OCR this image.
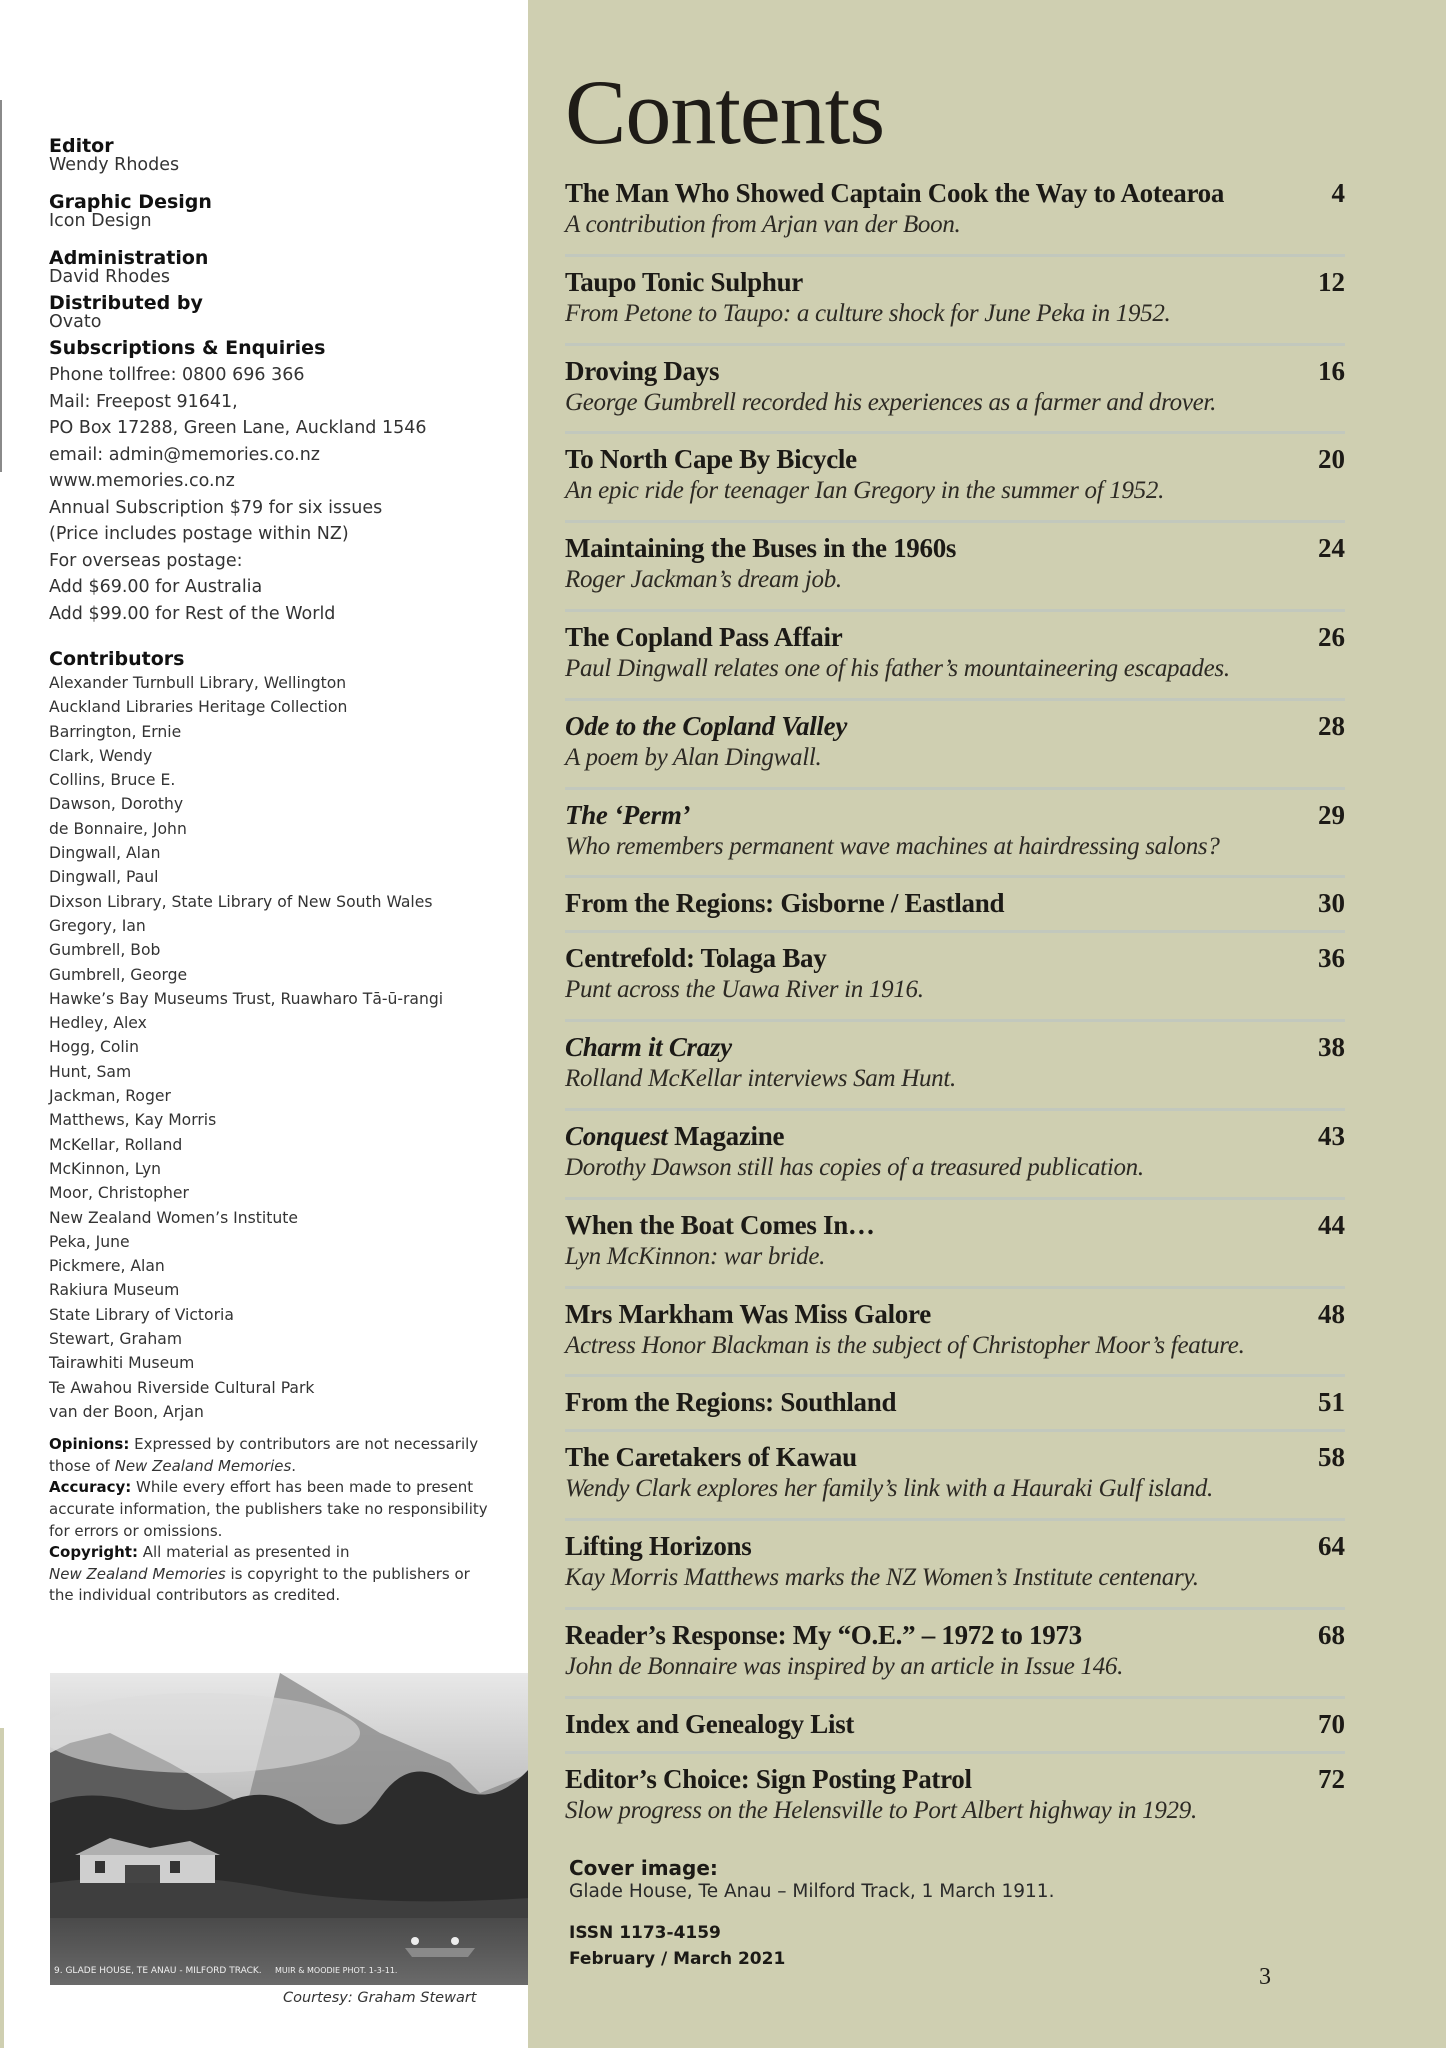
Editor
Wendy Rhodes
Graphic Design
Icon Design
Administration
David Rhodes
Distributed by
Ovato
Subscriptions & Enquiries
Phone tollfree: 0800 696 366
Mail: Freepost 91641,
PO Box 17288, Green Lane, Auckland 1546
email: admin@memories.co.nz
www.memories.co.nz
Annual Subscription $79 for six issues
(Price includes postage within NZ)
For overseas postage:
Add $69.00 for Australia
Add $99.00 for Rest of the World
Contributors
Alexander Turnbull Library, Wellington
Auckland Libraries Heritage Collection
Barrington, Ernie
Clark, Wendy
Collins, Bruce E.
Dawson, Dorothy
de Bonnaire, John
Dingwall, Alan
Dingwall, Paul
Dixson Library, State Library of New South Wales
Gregory, Ian
Gumbrell, Bob
Gumbrell, George
Hawke’s Bay Museums Trust, Ruawharo Tā-ū-rangi
Hedley, Alex
Hogg, Colin
Hunt, Sam
Jackman, Roger
Matthews, Kay Morris
McKellar, Rolland
McKinnon, Lyn
Moor, Christopher
New Zealand Women’s Institute
Peka, June
Pickmere, Alan
Rakiura Museum
State Library of Victoria
Stewart, Graham
Tairawhiti Museum
Te Awahou Riverside Cultural Park
van der Boon, Arjan
Opinions: Expressed by contributors are not necessarily those of New Zealand Memories.
Accuracy: While every effort has been made to present accurate information, the publishers take no responsibility for errors or omissions.
Copyright: All material as presented in
New Zealand Memories is copyright to the publishers or the individual contributors as credited.
9. GLADE HOUSE, TE ANAU - MILFORD TRACK. MUIR & MOODIE PHOT. 1-3-11.
Courtesy: Graham Stewart
Contents
The Man Who Showed Captain Cook the Way to Aotearoa
A contribution from Arjan van der Boon.
4
Taupo Tonic Sulphur
From Petone to Taupo: a culture shock for June Peka in 1952.
12
Droving Days
George Gumbrell recorded his experiences as a farmer and drover.
16
To North Cape By Bicycle
An epic ride for teenager Ian Gregory in the summer of 1952.
20
Maintaining the Buses in the 1960s
Roger Jackman’s dream job.
24
The Copland Pass Affair
Paul Dingwall relates one of his father’s mountaineering escapades.
26
Ode to the Copland Valley
A poem by Alan Dingwall.
28
The ‘Perm’
Who remembers permanent wave machines at hairdressing salons?
29
From the Regions: Gisborne / Eastland	30
Centrefold: Tolaga Bay
Punt across the Uawa River in 1916.
36
Charm it Crazy
Rolland McKellar interviews Sam Hunt.
38
Conquest Magazine
Dorothy Dawson still has copies of a treasured publication.
43
When the Boat Comes In…
Lyn McKinnon: war bride.
44
Mrs Markham Was Miss Galore
Actress Honor Blackman is the subject of Christopher Moor’s feature.
48
From the Regions: Southland	51
The Caretakers of Kawau
Wendy Clark explores her family’s link with a Hauraki Gulf island.
58
Lifting Horizons
Kay Morris Matthews marks the NZ Women’s Institute centenary.
64
Reader’s Response: My “O.E.” – 1972 to 1973
John de Bonnaire was inspired by an article in Issue 146.
68
Index and Genealogy List	70
Editor’s Choice: Sign Posting Patrol
Slow progress on the Helensville to Port Albert highway in 1929.
72
Cover image:
Glade House, Te Anau – Milford Track, 1 March 1911.
ISSN 1173-4159
February / March 2021
3
